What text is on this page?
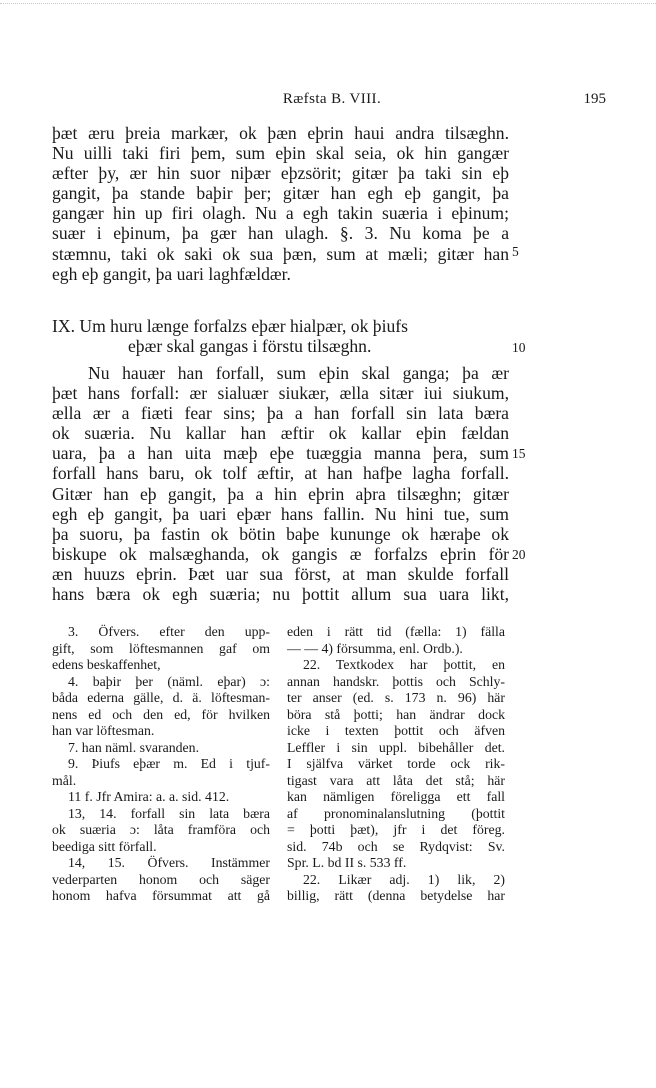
Ræfsta B. VIII.	195
þæt æru þreia markær, ok þæn eþrin haui andra tilsæghn.
Nu uilli taki firi þem, sum eþin skal seia, ok hin gangær
æfter þy, ær hin suor niþær eþzsörit; gitær þa taki sin eþ
gangit, þa stande baþir þer; gitær han egh eþ gangit, þa
gangær hin up firi olagh. Nu a egh takin suæria i eþinum;
suær i eþinum, þa gær han ulagh. §. 3. Nu koma þe a
stæmnu, taki ok saki ok sua þæn, sum at mæli; gitær han
egh eþ gangit, þa uari laghfældær.
IX. Um huru længe forfalzs eþær hialpær, ok þiufs
eþær skal gangas i förstu tilsæghn.
Nu hauær han forfall, sum eþin skal ganga; þa ær
þæt hans forfall: ær sialuær siukær, ælla sitær iui siukum,
ælla ær a fiæti fear sins; þa a han forfall sin lata bæra
ok suæria. Nu kallar han æftir ok kallar eþin fældan
uara, þa a han uita mæþ eþe tuæggia manna þera, sum
forfall hans baru, ok tolf æftir, at han hafþe lagha forfall.
Gitær han eþ gangit, þa a hin eþrin aþra tilsæghn; gitær
egh eþ gangit, þa uari eþær hans fallin. Nu hini tue, sum
þa suoru, þa fastin ok bötin baþe kununge ok hæraþe ok
biskupe ok malsæghanda, ok gangis æ forfalzs eþrin för
æn huuzs eþrin. Þæt uar sua först, at man skulde forfall
hans bæra ok egh suæria; nu þottit allum sua uara likt,
5
10
15
20
3. Öfvers. efter den upp-
gift, som löftesmannen gaf om
edens beskaffenhet,
4. baþir þer (näml. eþar) ɔ:
båda ederna gälle, d. ä. löftesman-
nens ed och den ed, för hvilken
han var löftesman.
7. han näml. svaranden.
9. Þiufs eþær m. Ed i tjuf-
mål.
11 f. Jfr Amira: a. a. sid. 412.
13, 14. forfall sin lata bæra
ok suæria ɔ: låta framföra och
beediga sitt förfall.
14, 15. Öfvers. Instämmer
vederparten honom och säger
honom hafva försummat att gå
eden i rätt tid (fælla: 1) fälla
— — 4) försumma, enl. Ordb.).
22. Textkodex har þottit, en
annan handskr. þottis och Schly-
ter anser (ed. s. 173 n. 96) här
böra stå þotti; han ändrar dock
icke i texten þottit och äfven
Leffler i sin uppl. bibehåller det.
I själfva värket torde ock rik-
tigast vara att låta det stå; här
kan nämligen föreligga ett fall
af pronominalanslutning (þottit
= þotti þæt), jfr i det föreg.
sid. 74b och se Rydqvist: Sv.
Spr. L. bd II s. 533 ff.
22. Likær adj. 1) lik, 2)
billig, rätt (denna betydelse har
